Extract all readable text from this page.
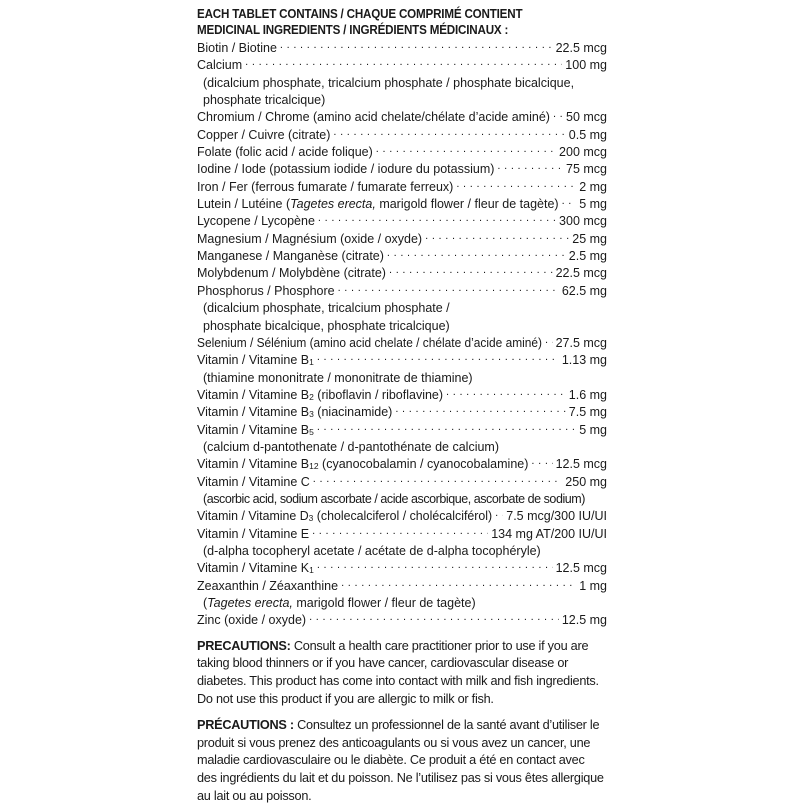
EACH TABLET CONTAINS / CHAQUE COMPRIMÉ CONTIENT
MEDICINAL INGREDIENTS / INGRÉDIENTS MÉDICINAUX :
Biotin / Biotine . . .	22.5 mcg
Calcium . . .	100 mg
(dicalcium phosphate, tricalcium phosphate / phosphate bicalcique,
phosphate tricalcique)
Chromium / Chrome (amino acid chelate/chélate d’acide aminé) . . . 50 mcg
Copper / Cuivre (citrate) . . .	0.5 mg
Folate (folic acid / acide folique) . . .	200 mcg
Iodine / Iode (potassium iodide / iodure du potassium) . . .	75 mcg
Iron / Fer (ferrous fumarate / fumarate ferreux) . . .	2 mg
Lutein / Lutéine (Tagetes erecta, marigold flower / fleur de tagète) . . . 5 mg
Lycopene / Lycopène . . .	300 mcg
Magnesium / Magnésium (oxide / oxyde) . . .	25 mg
Manganese / Manganèse (citrate) . . .	2.5 mg
Molybdenum / Molybdène (citrate) . . .	22.5 mcg
Phosphorus / Phosphore . . .	62.5 mg
(dicalcium phosphate, tricalcium phosphate /
phosphate bicalcique, phosphate tricalcique)
Selenium / Sélénium (amino acid chelate / chélate d’acide aminé) . . . 27.5 mcg
Vitamin / Vitamine $B_1$ . . .	1.13 mg
(thiamine mononitrate / mononitrate de thiamine)
Vitamin / Vitamine $B_2$ (riboflavin / riboflavine) . . .	1.6 mg
Vitamin / Vitamine $B_3$ (niacinamide) . . .	7.5 mg
Vitamin / Vitamine $B_5$ . . .	5 mg
(calcium d-pantothenate / d-pantothénate de calcium)
Vitamin / Vitamine $B_{12}$ (cyanocobalamin / cyanocobalamine) . . . 12.5 mcg
Vitamin / Vitamine C . . .	250 mg
(ascorbic acid, sodium ascorbate / acide ascorbique, ascorbate de sodium)
Vitamin / Vitamine $D_3$ (cholecalciferol / cholécalciférol) . . . 7.5 mcg/300 IU/UI
Vitamin / Vitamine E . . .	134 mg AT/200 IU/UI
(d-alpha tocopheryl acetate / acétate de d-alpha tocophéryle)
Vitamin / Vitamine $K_1$ . . .	12.5 mcg
Zeaxanthin / Zéaxanthine . . .	1 mg
(Tagetes erecta, marigold flower / fleur de tagète)
Zinc (oxide / oxyde) . . .	12.5 mg
PRECAUTIONS: Consult a health care practitioner prior to use if you are taking blood thinners or if you have cancer, cardiovascular disease or diabetes. This product has come into contact with milk and fish ingredients. Do not use this product if you are allergic to milk or fish.
PRÉCAUTIONS : Consultez un professionnel de la santé avant d’utiliser le produit si vous prenez des anticoagulants ou si vous avez un cancer, une maladie cardiovasculaire ou le diabète. Ce produit a été en contact avec des ingrédients du lait et du poisson. Ne l’utilisez pas si vous êtes allergique au lait ou au poisson.
